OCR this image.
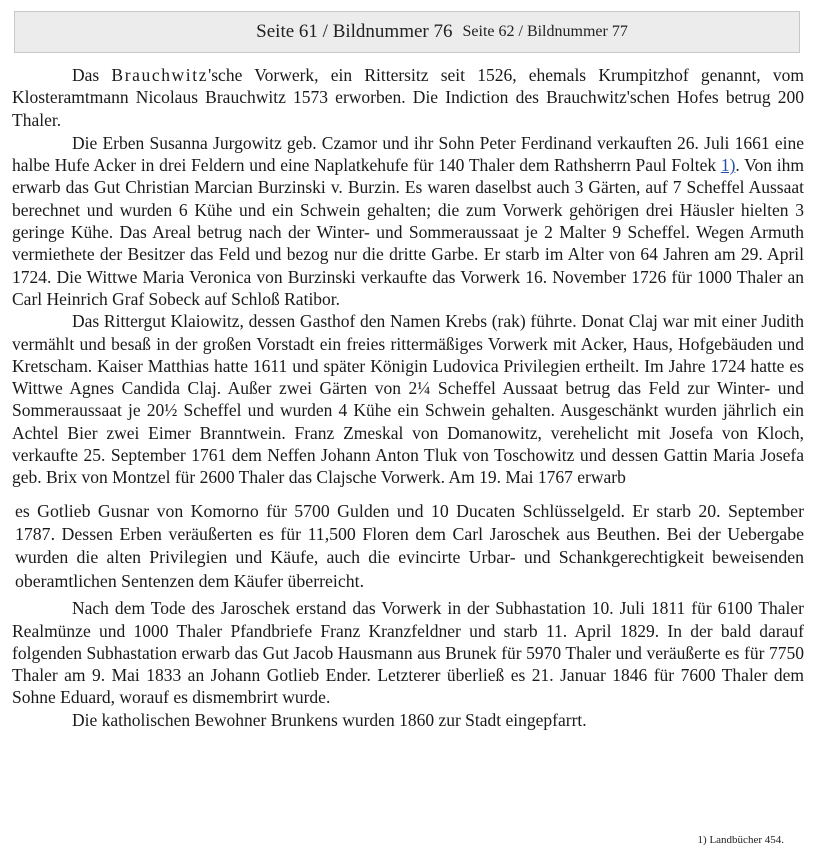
Seite 61 / Bildnummer 76 Seite 62 / Bildnummer 77

Das Brauchwitz'sche Vorwerk, ein Rittersitz seit 1526, ehemals Krumpitzhof genannt, vom Klosteramtmann Nicolaus Brauchwitz 1573 erworben. Die Indiction des Brauchwitz'schen Hofes betrug 200 Thaler.

Die Erben Susanna Jurgowitz geb. Czamor und ihr Sohn Peter Ferdinand verkauften 26. Juli 1661 eine halbe Hufe Acker in drei Feldern und eine Naplatkehufe für 140 Thaler dem Rathsherrn Paul Foltek 1). Von ihm erwarb das Gut Christian Marcian Burzinski v. Burzin. Es waren daselbst auch 3 Gärten, auf 7 Scheffel Aussaat berechnet und wurden 6 Kühe und ein Schwein gehalten; die zum Vorwerk gehörigen drei Häusler hielten 3 geringe Kühe. Das Areal betrug nach der Winter- und Sommeraussaat je 2 Malter 9 Scheffel. Wegen Armuth vermiethete der Besitzer das Feld und bezog nur die dritte Garbe. Er starb im Alter von 64 Jahren am 29. April 1724. Die Wittwe Maria Veronica von Burzinski verkaufte das Vorwerk 16. November 1726 für 1000 Thaler an Carl Heinrich Graf Sobeck auf Schloß Ratibor.

Das Rittergut Klaiowitz, dessen Gasthof den Namen Krebs (rak) führte. Donat Claj war mit einer Judith vermählt und besaß in der großen Vorstadt ein freies rittermäßiges Vorwerk mit Acker, Haus, Hofgebäuden und Kretscham. Kaiser Matthias hatte 1611 und später Königin Ludovica Privilegien ertheilt. Im Jahre 1724 hatte es Wittwe Agnes Candida Claj. Außer zwei Gärten von 2¼ Scheffel Aussaat betrug das Feld zur Winter- und Sommeraussaat je 20½ Scheffel und wurden 4 Kühe ein Schwein gehalten. Ausgeschänkt wurden jährlich ein Achtel Bier zwei Eimer Branntwein. Franz Zmeskal von Domanowitz, verehelicht mit Josefa von Kloch, verkaufte 25. September 1761 dem Neffen Johann Anton Tluk von Toschowitz und dessen Gattin Maria Josefa geb. Brix von Montzel für 2600 Thaler das Clajsche Vorwerk. Am 19. Mai 1767 erwarb

es Gotlieb Gusnar von Komorno für 5700 Gulden und 10 Ducaten Schlüsselgeld. Er starb 20. September 1787. Dessen Erben veräußerten es für 11,500 Floren dem Carl Jaroschek aus Beuthen. Bei der Uebergabe wurden die alten Privilegien und Käufe, auch die evincirte Urbar- und Schankgerechtigkeit beweisenden oberamtlichen Sentenzen dem Käufer überreicht.

Nach dem Tode des Jaroschek erstand das Vorwerk in der Subhastation 10. Juli 1811 für 6100 Thaler Realmünze und 1000 Thaler Pfandbriefe Franz Kranzfeldner und starb 11. April 1829. In der bald darauf folgenden Subhastation erwarb das Gut Jacob Hausmann aus Brunek für 5970 Thaler und veräußerte es für 7750 Thaler am 9. Mai 1833 an Johann Gotlieb Ender. Letzterer überließ es 21. Januar 1846 für 7600 Thaler dem Sohne Eduard, worauf es dismembrirt wurde.

Die katholischen Bewohner Brunkens wurden 1860 zur Stadt eingepfarrt.

1) Landbücher 454.
